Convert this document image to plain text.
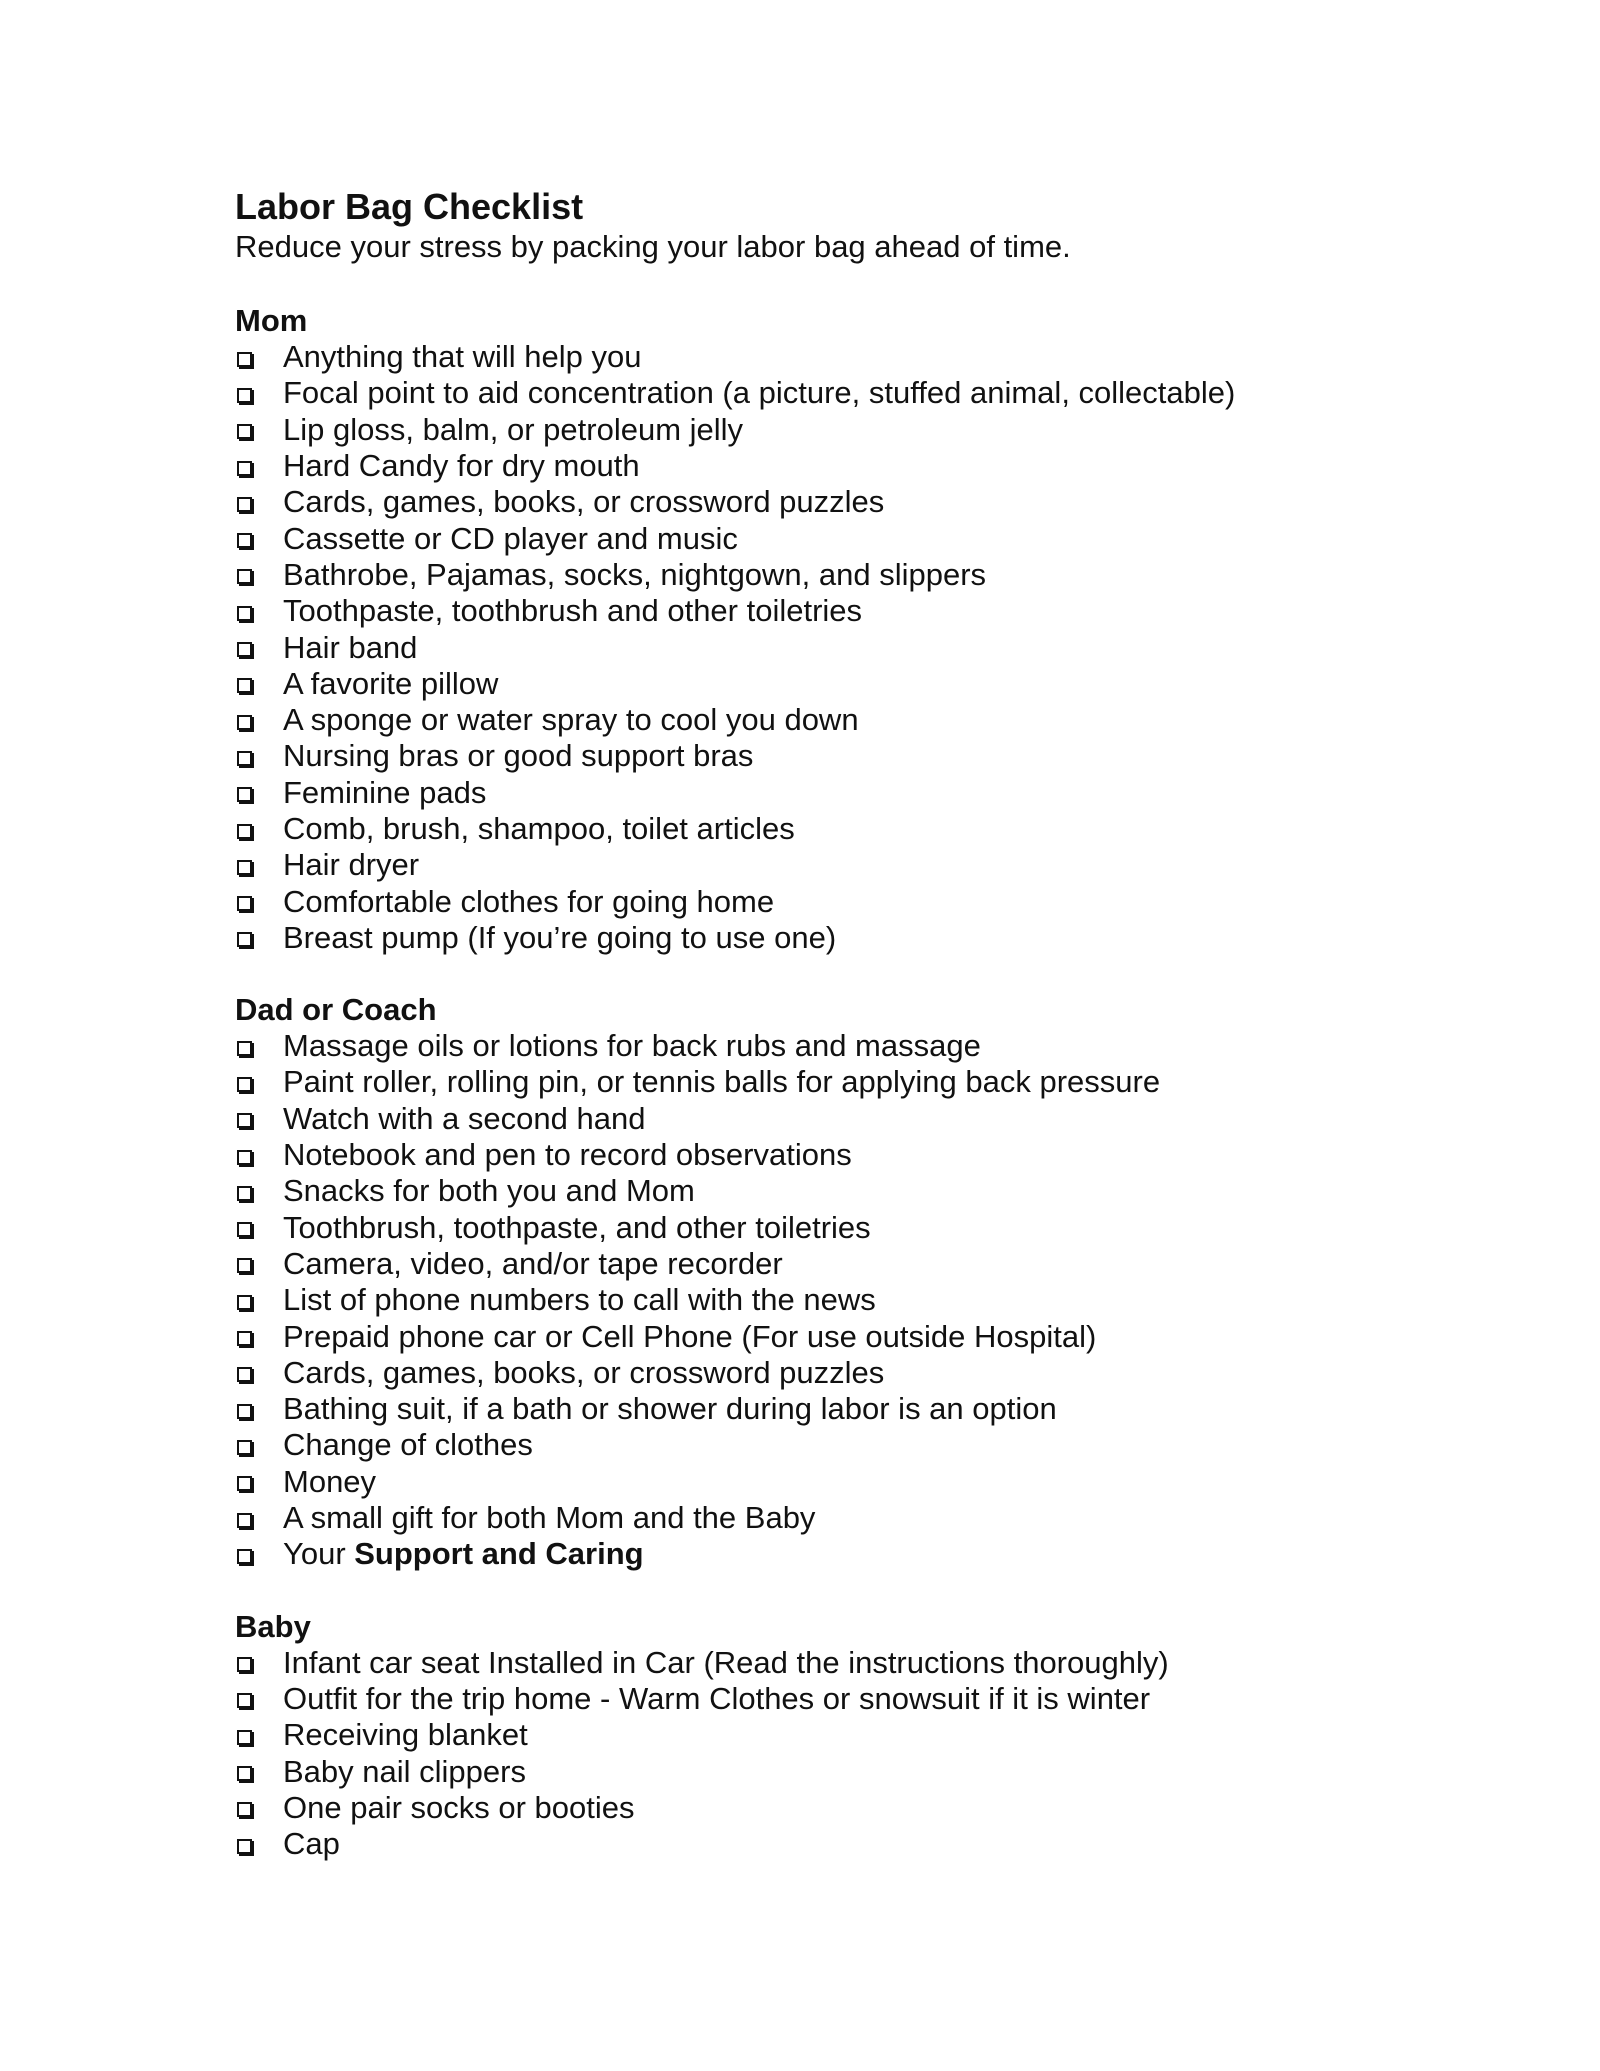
Labor Bag Checklist

Reduce your stress by packing your labor bag ahead of time.

Mom
Anything that will help you
Focal point to aid concentration (a picture, stuffed animal, collectable)
Lip gloss, balm, or petroleum jelly
Hard Candy for dry mouth
Cards, games, books, or crossword puzzles
Cassette or CD player and music
Bathrobe, Pajamas, socks, nightgown, and slippers
Toothpaste, toothbrush and other toiletries
Hair band
A favorite pillow
A sponge or water spray to cool you down
Nursing bras or good support bras
Feminine pads
Comb, brush, shampoo, toilet articles
Hair dryer
Comfortable clothes for going home
Breast pump (If you’re going to use one)
Dad or Coach
Massage oils or lotions for back rubs and massage
Paint roller, rolling pin, or tennis balls for applying back pressure
Watch with a second hand
Notebook and pen to record observations
Snacks for both you and Mom
Toothbrush, toothpaste, and other toiletries
Camera, video, and/or tape recorder
List of phone numbers to call with the news
Prepaid phone car or Cell Phone (For use outside Hospital)
Cards, games, books, or crossword puzzles
Bathing suit, if a bath or shower during labor is an option
Change of clothes
Money
A small gift for both Mom and the Baby
Your Support and Caring
Baby
Infant car seat Installed in Car (Read the instructions thoroughly)
Outfit for the trip home - Warm Clothes or snowsuit if it is winter
Receiving blanket
Baby nail clippers
One pair socks or booties
Cap
